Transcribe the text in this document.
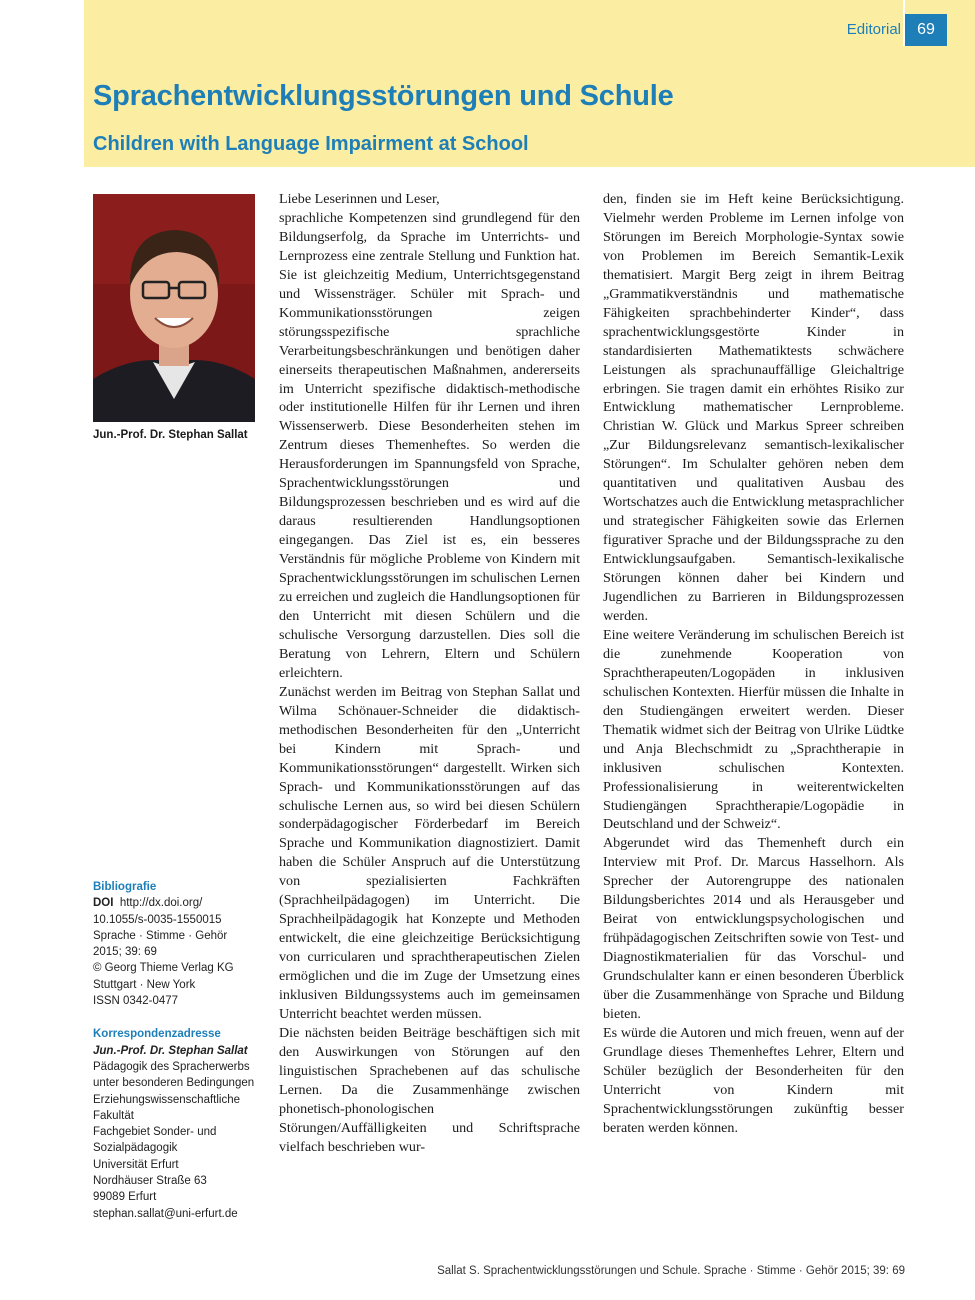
Editorial 69
Sprachentwicklungsstörungen und Schule
Children with Language Impairment at School
Jun.-Prof. Dr. Stephan Sallat
Bibliografie
DOI http://dx.doi.org/
10.1055/s-0035-1550015
Sprache · Stimme · Gehör
2015; 39: 69
© Georg Thieme Verlag KG
Stuttgart · New York
ISSN 0342-0477
Korrespondenzadresse
Jun.-Prof. Dr. Stephan Sallat
Pädagogik des Spracherwerbs
unter besonderen Bedingungen
Erziehungswissenschaftliche
Fakultät
Fachgebiet Sonder- und
Sozialpädagogik
Universität Erfurt
Nordhäuser Straße 63
99089 Erfurt
stephan.sallat@uni-erfurt.de

Liebe Leserinnen und Leser,

sprachliche Kompetenzen sind grundlegend für den Bildungserfolg, da Sprache im Unterrichts- und Lernprozess eine zentrale Stellung und Funktion hat. Sie ist gleichzeitig Medium, Unterrichtsgegenstand und Wissensträger. Schüler mit Sprach- und Kommunikationsstörungen zeigen störungsspezifische sprachliche Verarbeitungsbeschränkungen und benötigen daher einerseits therapeutischen Maßnahmen, andererseits im Unterricht spezifische didaktisch-methodische oder institutionelle Hilfen für ihr Lernen und ihren Wissenserwerb. Diese Besonderheiten stehen im Zentrum dieses Themenheftes. So werden die Herausforderungen im Spannungsfeld von Sprache, Sprachentwicklungsstörungen und Bildungsprozessen beschrieben und es wird auf die daraus resultierenden Handlungsoptionen eingegangen. Das Ziel ist es, ein besseres Verständnis für mögliche Probleme von Kindern mit Sprachentwicklungsstörungen im schulischen Lernen zu erreichen und zugleich die Handlungsoptionen für den Unterricht mit diesen Schülern und die schulische Versorgung darzustellen. Dies soll die Beratung von Lehrern, Eltern und Schülern erleichtern.

Zunächst werden im Beitrag von Stephan Sallat und Wilma Schönauer-Schneider die didaktisch-methodischen Besonderheiten für den „Unterricht bei Kindern mit Sprach- und Kommunikationsstörungen“ dargestellt. Wirken sich Sprach- und Kommunikationsstörungen auf das schulische Lernen aus, so wird bei diesen Schülern sonderpädagogischer Förderbedarf im Bereich Sprache und Kommunikation diagnostiziert. Damit haben die Schüler Anspruch auf die Unterstützung von spezialisierten Fachkräften (Sprachheilpädagogen) im Unterricht. Die Sprachheilpädagogik hat Konzepte und Methoden entwickelt, die eine gleichzeitige Berücksichtigung von curricularen und sprachtherapeutischen Zielen ermöglichen und die im Zuge der Umsetzung eines inklusiven Bildungssystems auch im gemeinsamen Unterricht beachtet werden müssen.

Die nächsten beiden Beiträge beschäftigen sich mit den Auswirkungen von Störungen auf den linguistischen Sprachebenen auf das schulische Lernen. Da die Zusammenhänge zwischen phonetisch-phonologischen Störungen/Auffälligkeiten und Schriftsprache vielfach beschrieben wur-

den, finden sie im Heft keine Berücksichtigung. Vielmehr werden Probleme im Lernen infolge von Störungen im Bereich Morphologie-Syntax sowie von Problemen im Bereich Semantik-Lexik thematisiert. Margit Berg zeigt in ihrem Beitrag „Grammatikverständnis und mathematische Fähigkeiten sprachbehinderter Kinder“, dass sprachentwicklungsgestörte Kinder in standardisierten Mathematiktests schwächere Leistungen als sprachunauffällige Gleichaltrige erbringen. Sie tragen damit ein erhöhtes Risiko zur Entwicklung mathematischer Lernprobleme. Christian W. Glück und Markus Spreer schreiben „Zur Bildungsrelevanz semantisch-lexikalischer Störungen“. Im Schulalter gehören neben dem quantitativen und qualitativen Ausbau des Wortschatzes auch die Entwicklung metasprachlicher und strategischer Fähigkeiten sowie das Erlernen figurativer Sprache und der Bildungssprache zu den Entwicklungsaufgaben. Semantisch-lexikalische Störungen können daher bei Kindern und Jugendlichen zu Barrieren in Bildungsprozessen werden.

Eine weitere Veränderung im schulischen Bereich ist die zunehmende Kooperation von Sprachtherapeuten/Logopäden in inklusiven schulischen Kontexten. Hierfür müssen die Inhalte in den Studiengängen erweitert werden. Dieser Thematik widmet sich der Beitrag von Ulrike Lüdtke und Anja Blechschmidt zu „Sprachtherapie in inklusiven schulischen Kontexten. Professionalisierung in weiterentwickelten Studiengängen Sprachtherapie/Logopädie in Deutschland und der Schweiz“.

Abgerundet wird das Themenheft durch ein Interview mit Prof. Dr. Marcus Hasselhorn. Als Sprecher der Autorengruppe des nationalen Bildungsberichtes 2014 und als Herausgeber und Beirat von entwicklungspsychologischen und frühpädagogischen Zeitschriften sowie von Test- und Diagnostikmaterialien für das Vorschul- und Grundschulalter kann er einen besonderen Überblick über die Zusammenhänge von Sprache und Bildung bieten.

Es würde die Autoren und mich freuen, wenn auf der Grundlage dieses Themenheftes Lehrer, Eltern und Schüler bezüglich der Besonderheiten für den Unterricht von Kindern mit Sprachentwicklungsstörungen zukünftig besser beraten werden können.

Sallat S. Sprachentwicklungsstörungen und Schule. Sprache · Stimme · Gehör 2015; 39: 69
